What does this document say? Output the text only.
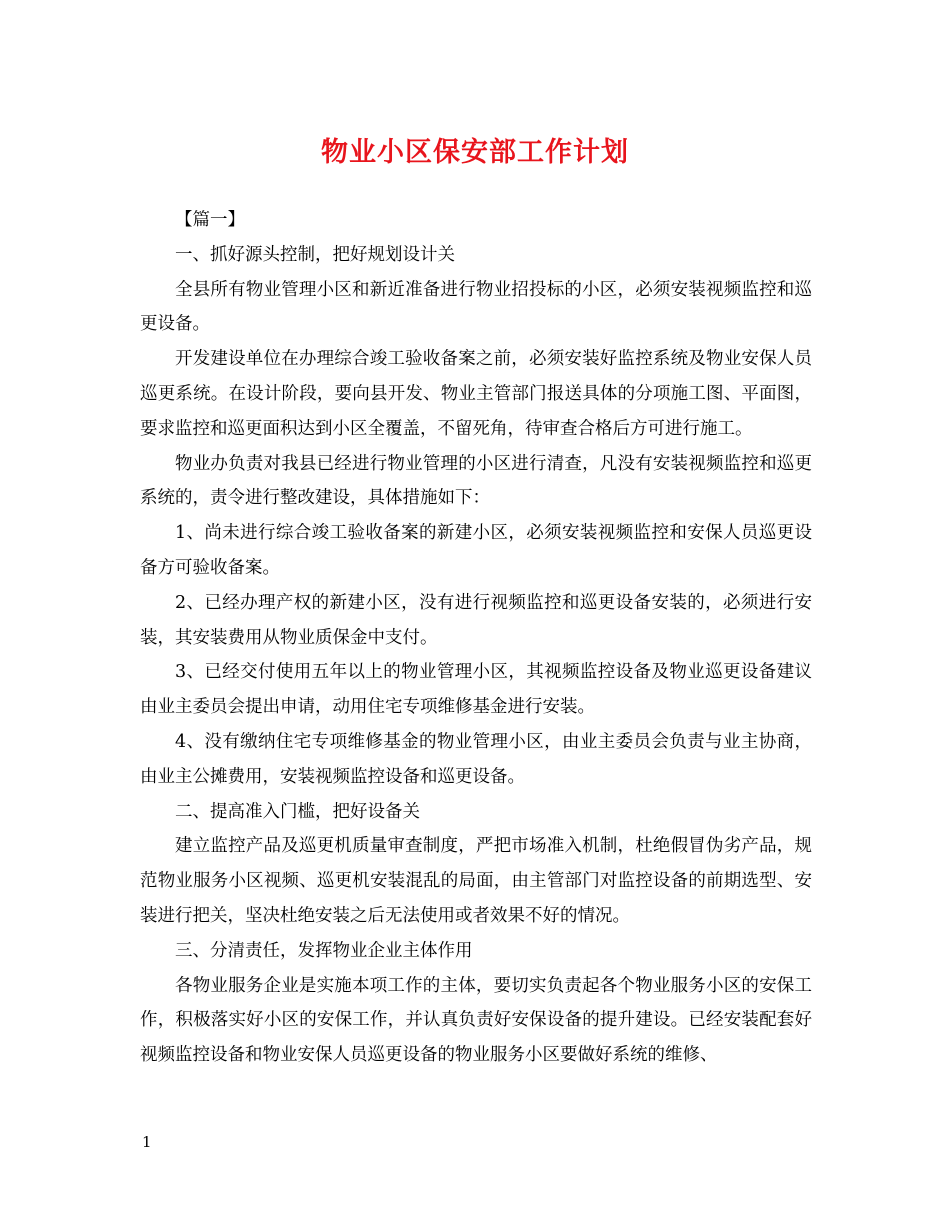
物业小区保安部工作计划

【篇一】

一、抓好源头控制，把好规划设计关

全县所有物业管理小区和新近准备进行物业招投标的小区，必须安装视频监控和巡更设备。

开发建设单位在办理综合竣工验收备案之前，必须安装好监控系统及物业安保人员巡更系统。在设计阶段，要向县开发、物业主管部门报送具体的分项施工图、平面图，要求监控和巡更面积达到小区全覆盖，不留死角，待审查合格后方可进行施工。

物业办负责对我县已经进行物业管理的小区进行清查，凡没有安装视频监控和巡更系统的，责令进行整改建设，具体措施如下：

1、尚未进行综合竣工验收备案的新建小区，必须安装视频监控和安保人员巡更设备方可验收备案。

2、已经办理产权的新建小区，没有进行视频监控和巡更设备安装的，必须进行安装，其安装费用从物业质保金中支付。

3、已经交付使用五年以上的物业管理小区，其视频监控设备及物业巡更设备建议由业主委员会提出申请，动用住宅专项维修基金进行安装。

4、没有缴纳住宅专项维修基金的物业管理小区，由业主委员会负责与业主协商，由业主公摊费用，安装视频监控设备和巡更设备。

二、提高准入门槛，把好设备关

建立监控产品及巡更机质量审查制度，严把市场准入机制，杜绝假冒伪劣产品，规范物业服务小区视频、巡更机安装混乱的局面，由主管部门对监控设备的前期选型、安装进行把关，坚决杜绝安装之后无法使用或者效果不好的情况。

三、分清责任，发挥物业企业主体作用

各物业服务企业是实施本项工作的主体，要切实负责起各个物业服务小区的安保工作，积极落实好小区的安保工作，并认真负责好安保设备的提升建设。已经安装配套好视频监控设备和物业安保人员巡更设备的物业服务小区要做好系统的维修、

1
